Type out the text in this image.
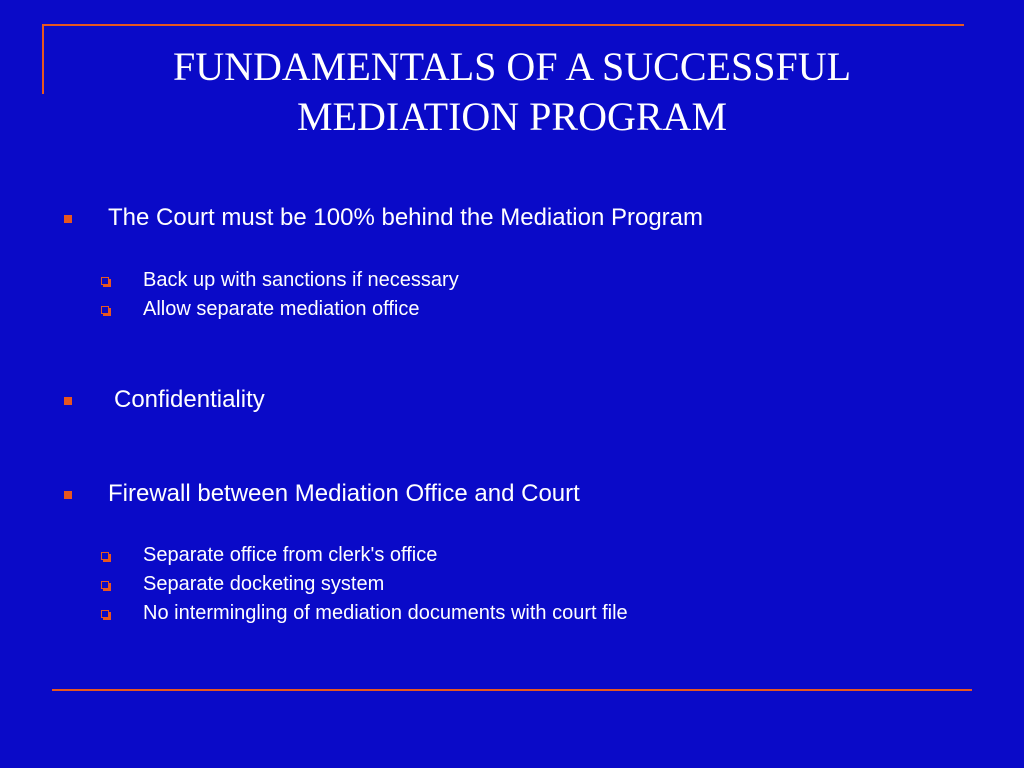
FUNDAMENTALS OF A SUCCESSFUL
MEDIATION PROGRAM
The Court must be 100% behind the Mediation Program
Back up with sanctions if necessary
Allow separate mediation office
Confidentiality
Firewall between Mediation Office and Court
Separate office from clerk's office
Separate docketing system
No intermingling of mediation documents with court file
